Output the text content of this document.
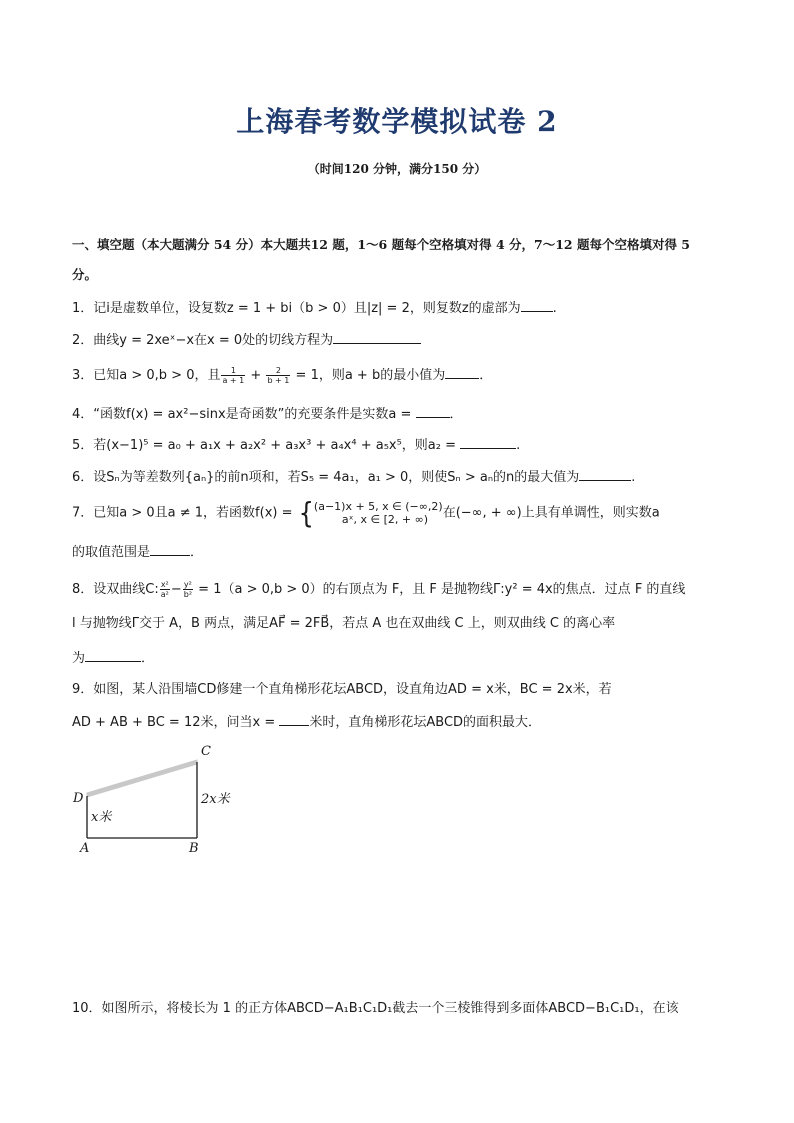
上海春考数学模拟试卷 2
（时间120 分钟，满分150 分）
一、填空题（本大题满分 54 分）本大题共12 题，1～6 题每个空格填对得 4 分，7～12 题每个空格填对得 5
分。
1．记i是虚数单位，设复数z = 1 + bi（b > 0）且|z| = 2，则复数z的虚部为 .
2．曲线y = 2xeˣ−x在x = 0处的切线方程为
3．已知a > 0,b > 0，且 $\frac{1}{a + 1} + \frac{2}{b + 1} = 1$，则a + b的最小值为	．
4．“函数f(x) = ax²−sinx是奇函数”的充要条件是实数a =	．
5．若(x−1)⁵ = a₀ + a₁x + a₂x² + a₃x³ + a₄x⁴ + a₅x⁵，则a₂ =	.
6．设Sₙ为等差数列{aₙ}的前n项和，若S₅ = 4a₁，a₁ > 0，则使Sₙ > aₙ的n的最大值为	.
7．已知a > 0且a ≠ 1，若函数f(x) = { (a−1)x + 5, x ∈ (−∞,2)
aˣ, x ∈ [2, + ∞)	在(−∞, + ∞)上具有单调性，则实数a
的取值范围是	．
8．设双曲线C: $\frac{\text{x²}}{\text{a²}} - \frac{\text{y²}}{\text{b²}} = 1(a > 0,b > 0)$的右顶点为 F，且 F 是抛物线Γ:y² = 4x的焦点．过点 F 的直线
l 与抛物线Γ交于 A，B 两点，满足AF⃗ = 2FB⃗，若点 A 也在双曲线 C 上，则双曲线 C 的离心率
为	．
9．如图，某人沿围墙CD修建一个直角梯形花坛ABCD，设直角边AD = x米，BC = 2x米，若
AD + AB + BC = 12米，问当x = 米时，直角梯形花坛ABCD的面积最大．
C
D
A	B
2x米
x米
10．如图所示，将棱长为 1 的正方体ABCD−A₁B₁C₁D₁截去一个三棱锥得到多面体ABCD−B₁C₁D₁，在该
